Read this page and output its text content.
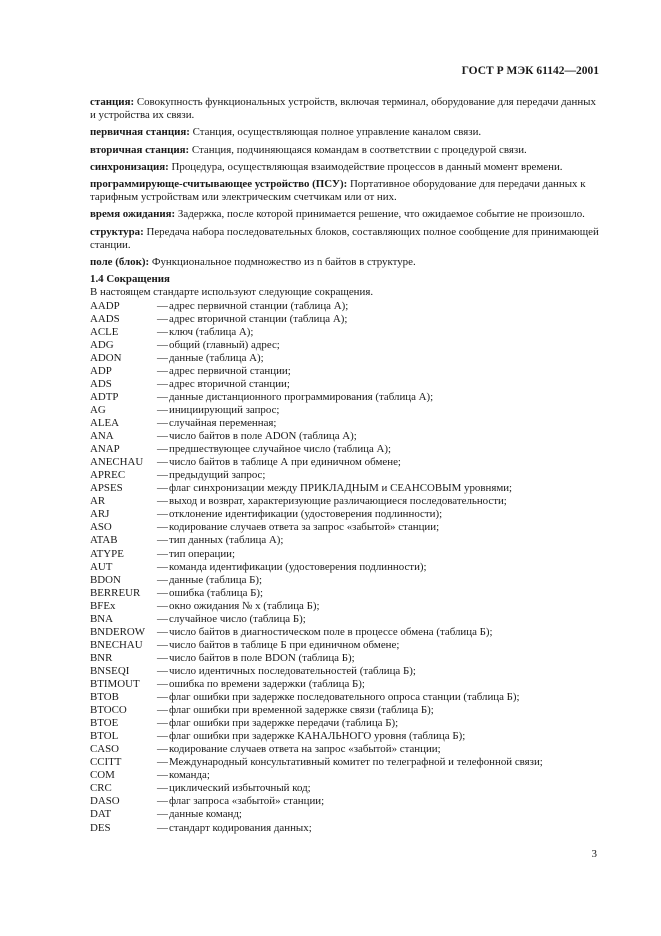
ГОСТ Р МЭК 61142—2001
станция: Совокупность функциональных устройств, включая терминал, оборудование для передачи данных и устройства их связи.
первичная станция: Станция, осуществляющая полное управление каналом связи.
вторичная станция: Станция, подчиняющаяся командам в соответствии с процедурой связи.
синхронизация: Процедура, осуществляющая взаимодействие процессов в данный момент времени.
программирующе-считывающее устройство (ПСУ): Портативное оборудование для передачи данных к тарифным устройствам или электрическим счетчикам или от них.
время ожидания: Задержка, после которой принимается решение, что ожидаемое событие не произошло.
структура: Передача набора последовательных блоков, составляющих полное сообщение для принимающей станции.
поле (блок): Функциональное подмножество из n байтов в структуре.
1.4 Сокращения
В настоящем стандарте используют следующие сокращения.
AADP	— адрес первичной станции (таблица А);
AADS	— адрес вторичной станции (таблица А);
ACLE	— ключ (таблица А);
ADG	— общий (главный) адрес;
ADON	— данные (таблица А);
ADP	— адрес первичной станции;
ADS	— адрес вторичной станции;
ADTP	— данные дистанционного программирования (таблица А);
AG	— инициирующий запрос;
ALEA	— случайная переменная;
ANA	— число байтов в поле ADON (таблица А);
ANAP	— предшествующее случайное число (таблица А);
ANECHAU	— число байтов в таблице А при единичном обмене;
APREC	— предыдущий запрос;
APSES	— флаг синхронизации между ПРИКЛАДНЫМ и СЕАНСОВЫМ уровнями;
AR	— выход и возврат, характеризующие различающиеся последовательности;
ARJ	— отклонение идентификации (удостоверения подлинности);
ASO	— кодирование случаев ответа за запрос «забытой» станции;
ATAB	— тип данных (таблица А);
ATYPE	— тип операции;
AUT	— команда идентификации (удостоверения подлинности);
BDON	— данные (таблица Б);
BERREUR	— ошибка (таблица Б);
BFEx	— окно ожидания № x (таблица Б);
BNA	— случайное число (таблица Б);
BNDEROW	— число байтов в диагностическом поле в процессе обмена (таблица Б);
BNECHAU	— число байтов в таблице Б при единичном обмене;
BNR	— число байтов в поле BDON (таблица Б);
BNSEQI	— число идентичных последовательностей (таблица Б);
BTIMOUT	— ошибка по времени задержки (таблица Б);
BTOB	— флаг ошибки при задержке последовательного опроса станции (таблица Б);
BTOCO	— флаг ошибки при временной задержке связи (таблица Б);
BTOE	— флаг ошибки при задержке передачи (таблица Б);
BTOL	— флаг ошибки при задержке КАНАЛЬНОГО уровня (таблица Б);
CASO	— кодирование случаев ответа на запрос «забытой» станции;
CCITT	— Международный консультативный комитет по телеграфной и телефонной связи;
COM	— команда;
CRC	— циклический избыточный код;
DASO	— флаг запроса «забытой» станции;
DAT	— данные команд;
DES	— стандарт кодирования данных;
3
